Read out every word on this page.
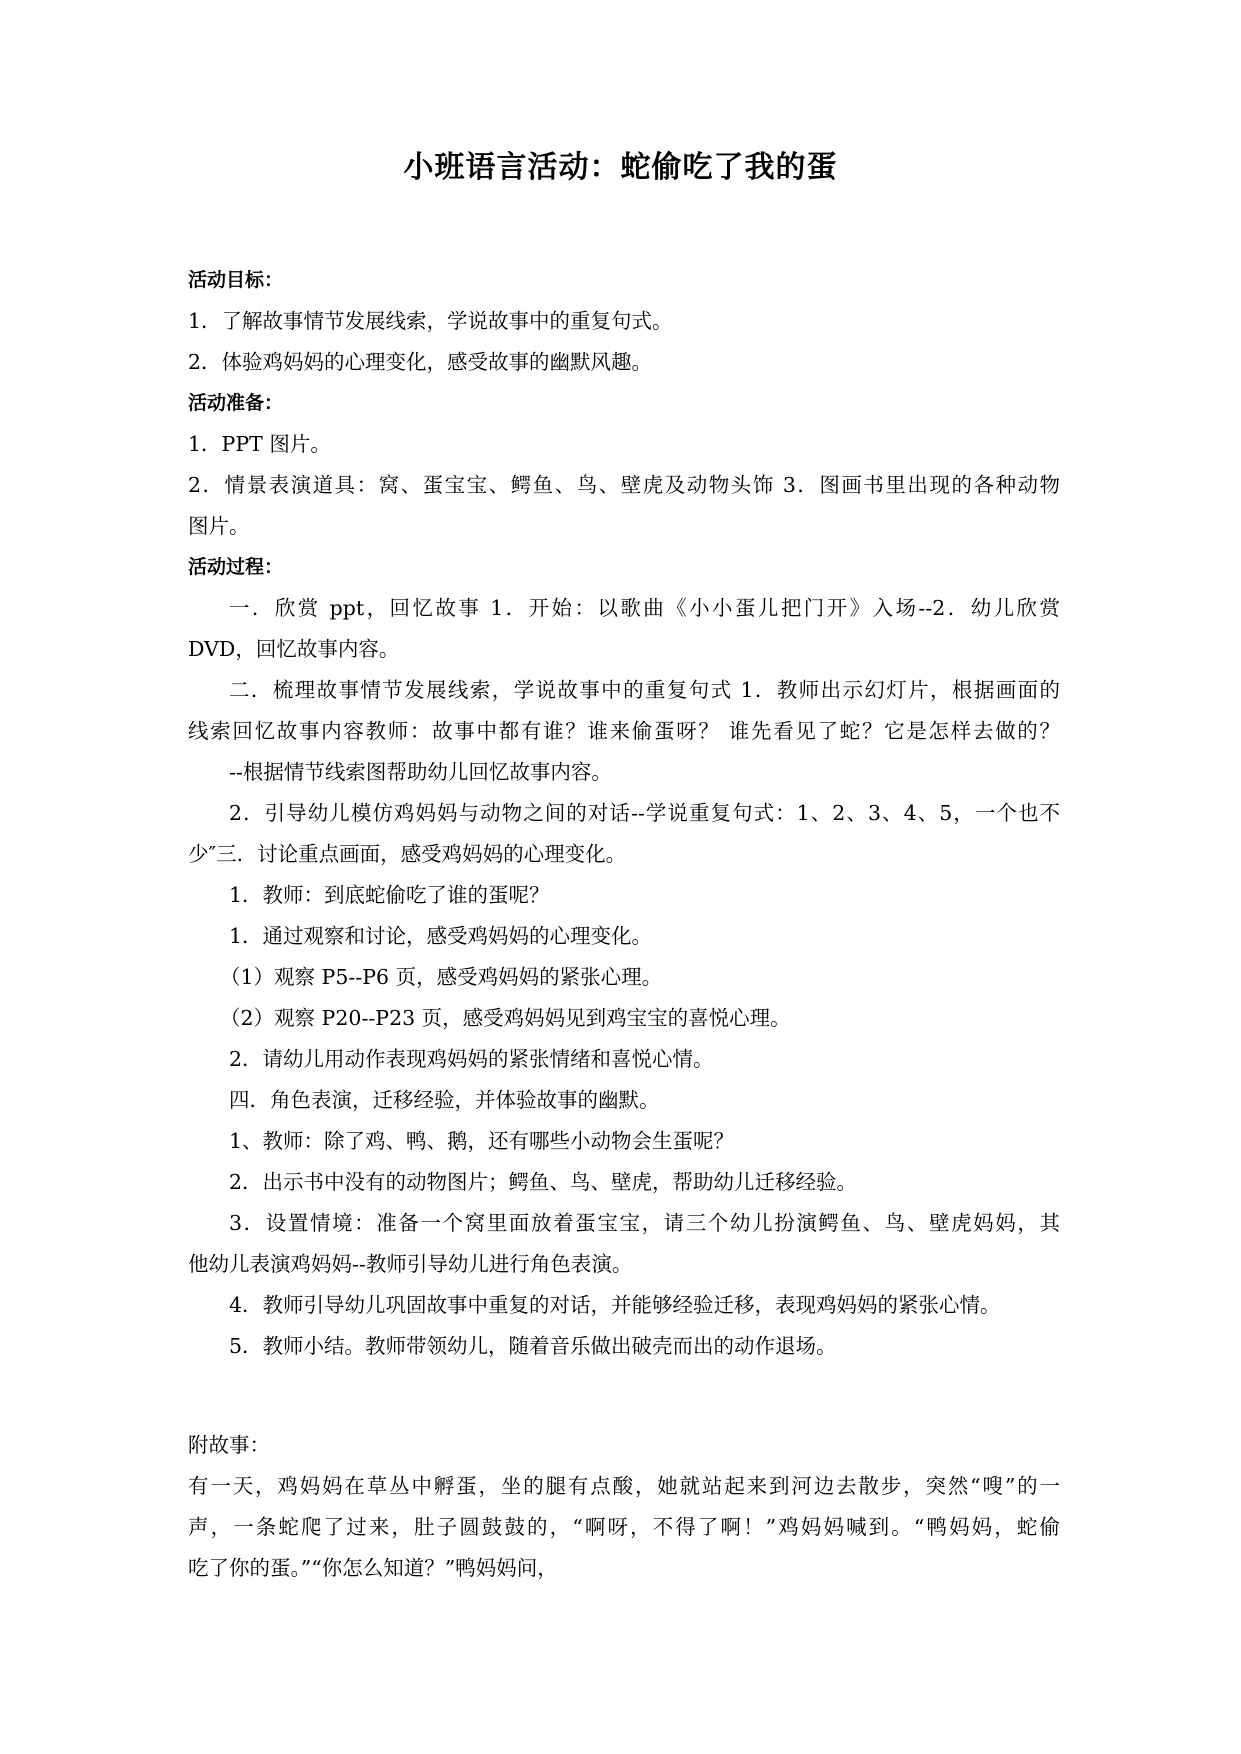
小班语言活动：蛇偷吃了我的蛋
活动目标：
1．了解故事情节发展线索，学说故事中的重复句式。
2．体验鸡妈妈的心理变化，感受故事的幽默风趣。
活动准备：
1．PPT 图片。
2．情景表演道具：窝、蛋宝宝、鳄鱼、鸟、壁虎及动物头饰 3．图画书里出现的各种动物
图片。
活动过程：
一．欣赏 ppt，回忆故事 1．开始：以歌曲《小小蛋儿把门开》入场--2．幼儿欣赏
DVD，回忆故事内容。
二．梳理故事情节发展线索，学说故事中的重复句式 1．教师出示幻灯片，根据画面的
线索回忆故事内容教师：故事中都有谁？谁来偷蛋呀？ 谁先看见了蛇？它是怎样去做的？
--根据情节线索图帮助幼儿回忆故事内容。
2．引导幼儿模仿鸡妈妈与动物之间的对话--学说重复句式：1、2、3、4、5，一个也不
少″三．讨论重点画面，感受鸡妈妈的心理变化。
1．教师：到底蛇偷吃了谁的蛋呢？
1．通过观察和讨论，感受鸡妈妈的心理变化。
（1）观察 P5--P6 页，感受鸡妈妈的紧张心理。
（2）观察 P20--P23 页，感受鸡妈妈见到鸡宝宝的喜悦心理。
2．请幼儿用动作表现鸡妈妈的紧张情绪和喜悦心情。
四．角色表演，迁移经验，并体验故事的幽默。
1、教师：除了鸡、鸭、鹅，还有哪些小动物会生蛋呢？
2．出示书中没有的动物图片；鳄鱼、鸟、壁虎，帮助幼儿迁移经验。
3．设置情境：准备一个窝里面放着蛋宝宝，请三个幼儿扮演鳄鱼、鸟、壁虎妈妈，其
他幼儿表演鸡妈妈--教师引导幼儿进行角色表演。
4．教师引导幼儿巩固故事中重复的对话，并能够经验迁移，表现鸡妈妈的紧张心情。
5．教师小结。教师带领幼儿，随着音乐做出破壳而出的动作退场。
附故事：
有一天，鸡妈妈在草丛中孵蛋，坐的腿有点酸，她就站起来到河边去散步，突然“嗖”的一
声，一条蛇爬了过来，肚子圆鼓鼓的，“啊呀，不得了啊！”鸡妈妈喊到。“鸭妈妈，蛇偷
吃了你的蛋。”“你怎么知道？”鸭妈妈问，
